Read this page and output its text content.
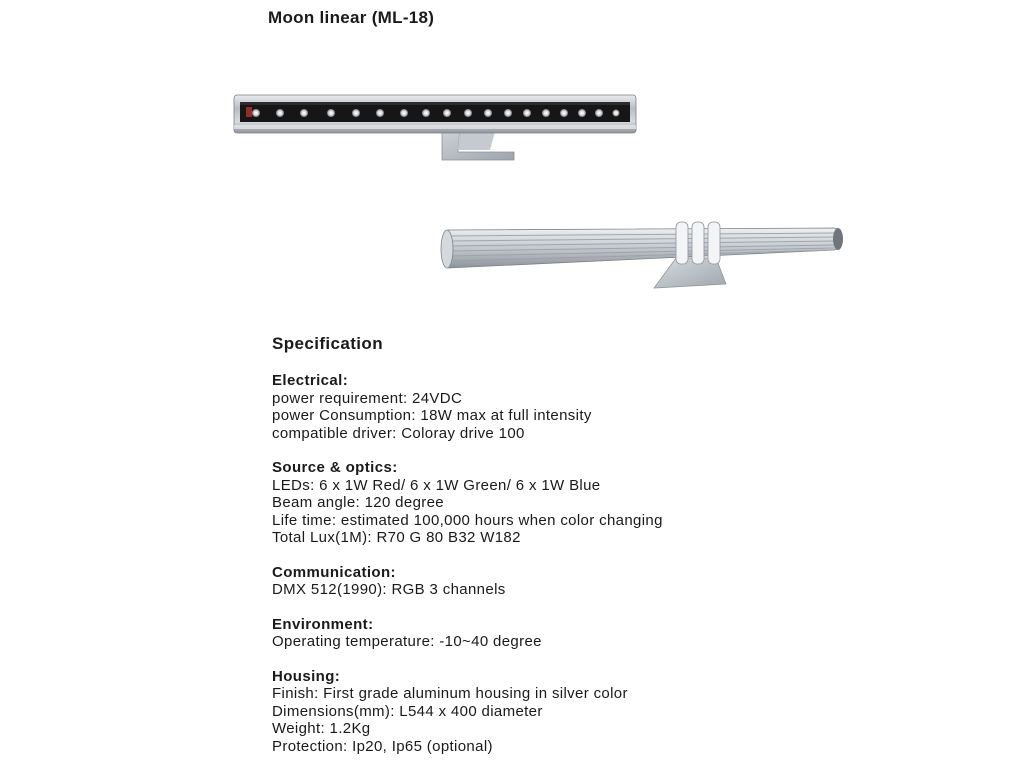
Moon linear (ML-18)
Specification
Electrical:
power requirement: 24VDC
power Consumption: 18W max at full intensity
compatible driver: Coloray drive 100
Source & optics:
LEDs: 6 x 1W Red/ 6 x 1W Green/ 6 x 1W Blue
Beam angle: 120 degree
Life time: estimated 100,000 hours when color changing
Total Lux(1M): R70 G 80 B32 W182
Communication:
DMX 512(1990): RGB 3 channels
Environment:
Operating temperature: -10~40 degree
Housing:
Finish: First grade aluminum housing in silver color
Dimensions(mm): L544 x 400 diameter
Weight: 1.2Kg
Protection: Ip20, Ip65 (optional)
